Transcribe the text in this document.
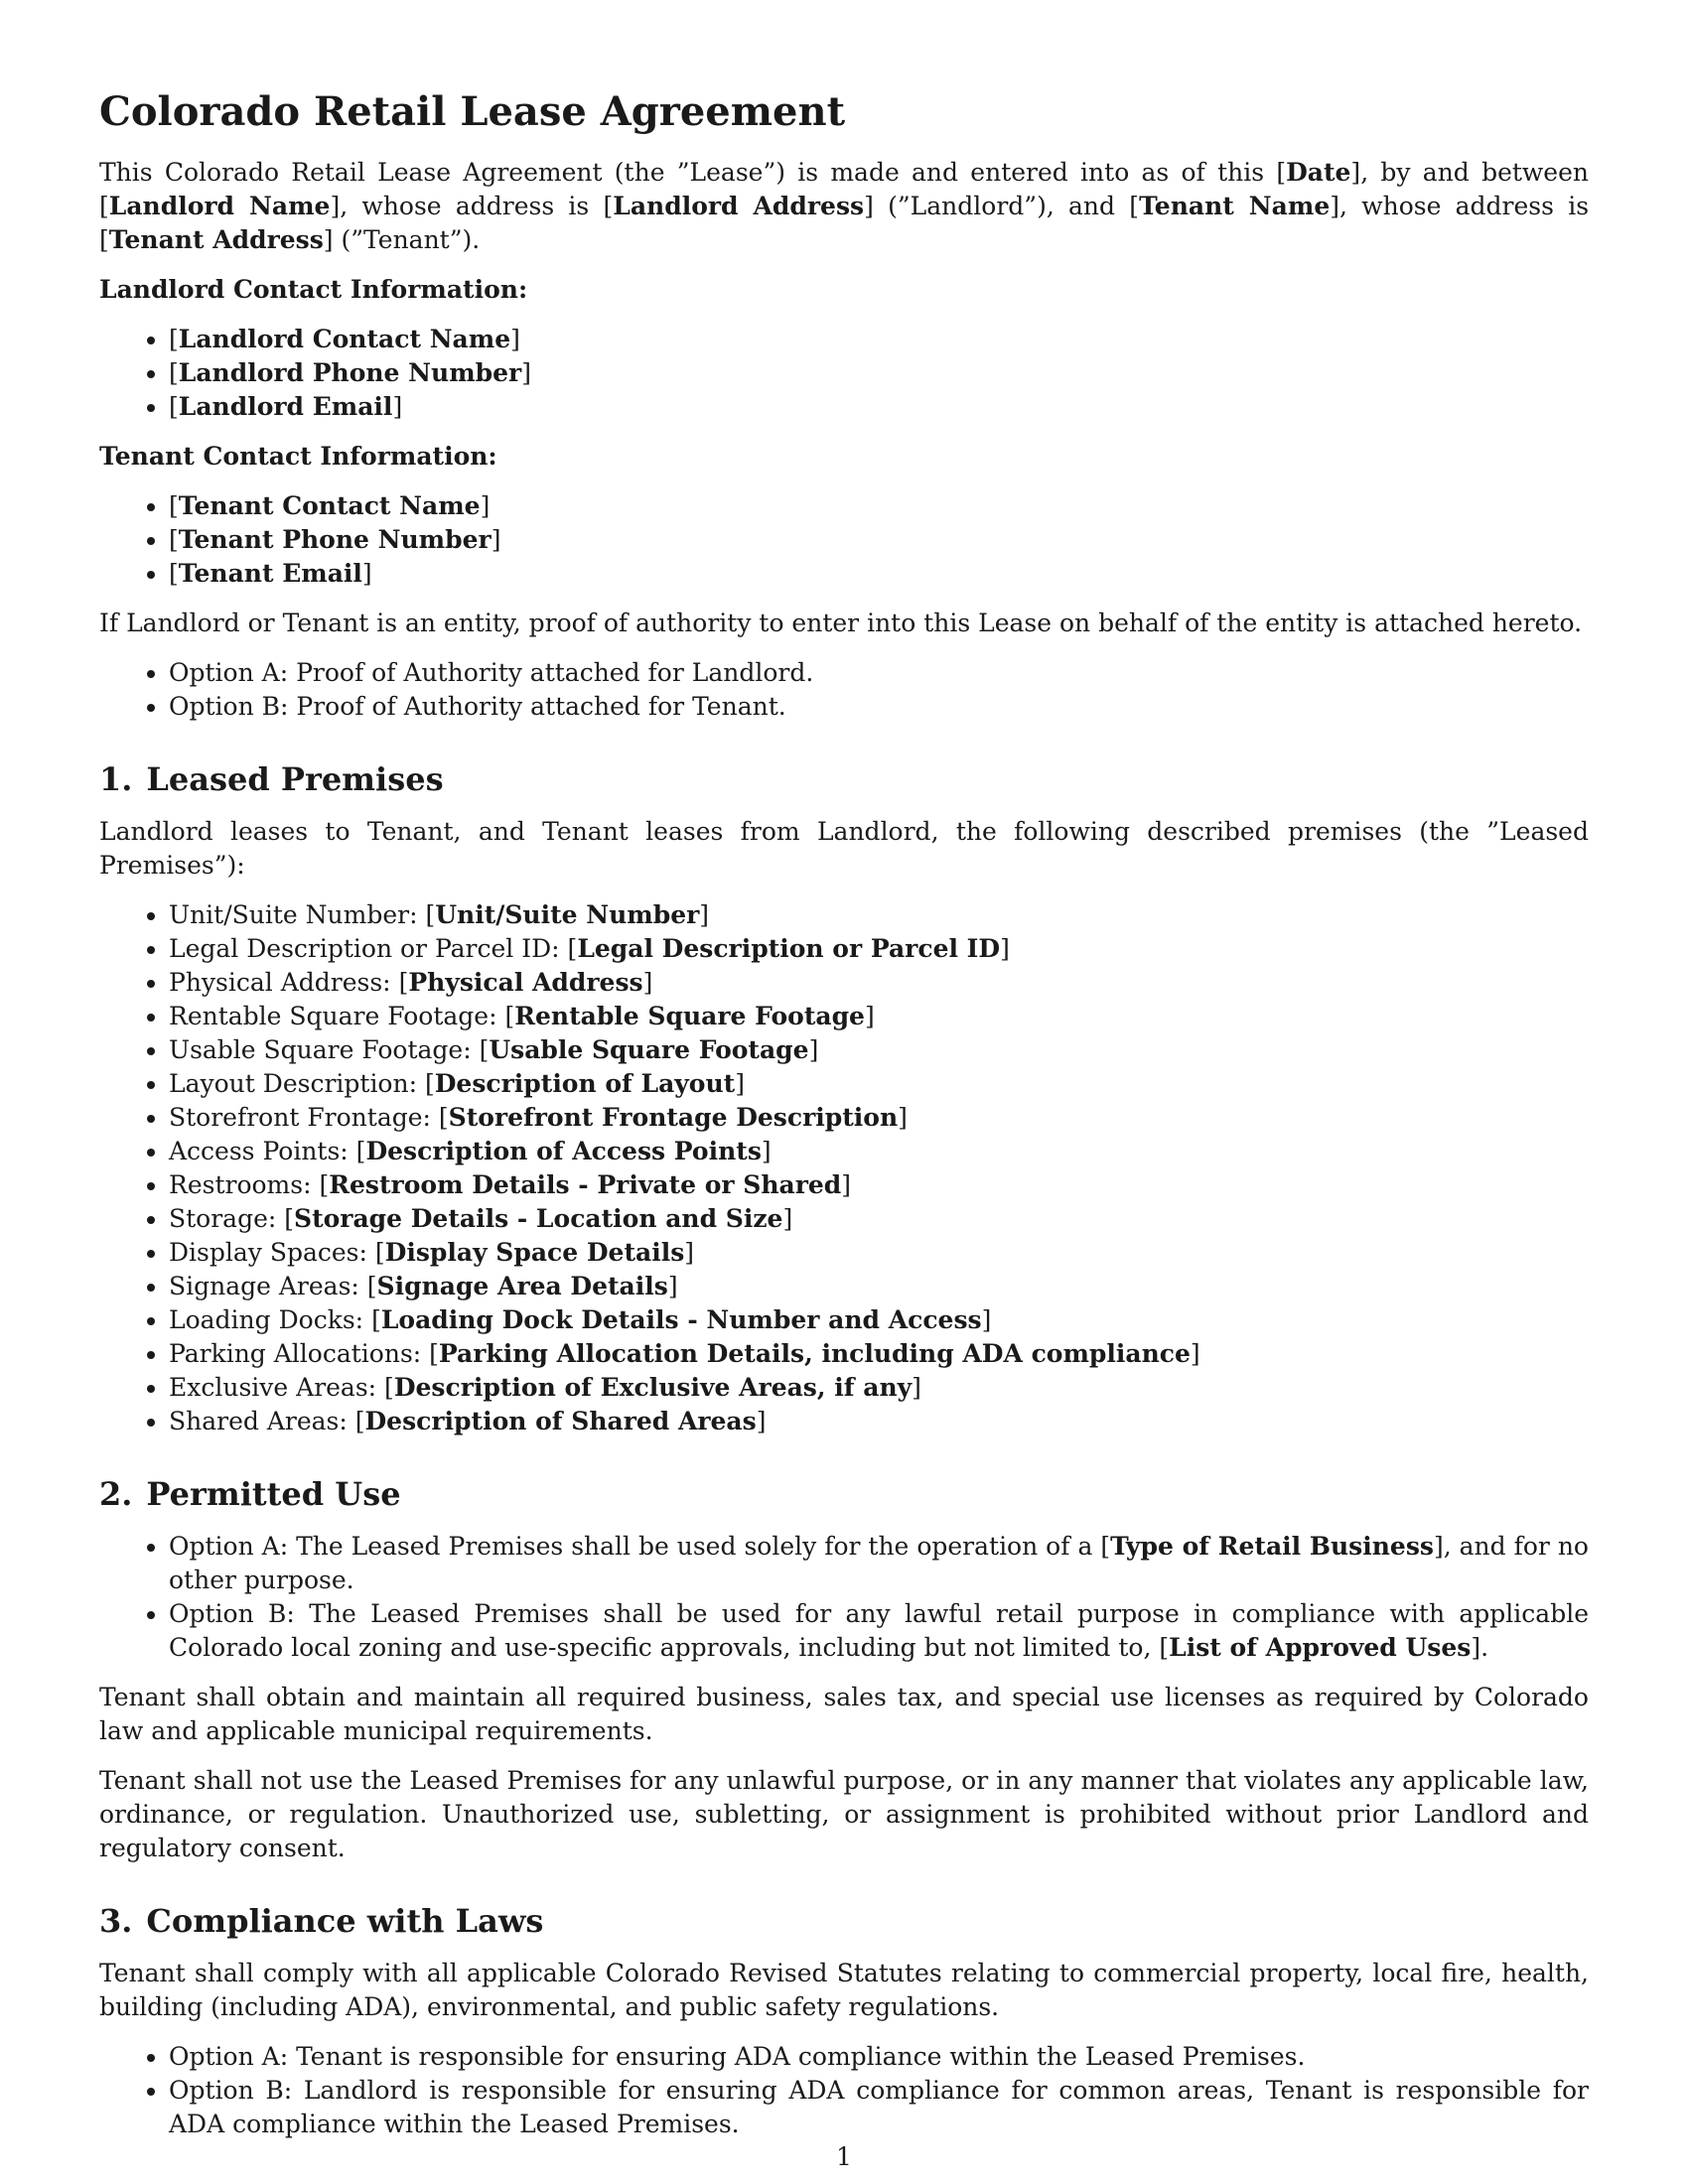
Colorado Retail Lease Agreement

This Colorado Retail Lease Agreement (the ”Lease”) is made and entered into as of this [Date], by and between [Landlord Name], whose address is [Landlord Address] (”Landlord”), and [Tenant Name], whose address is [Tenant Address] (”Tenant”).

Landlord Contact Information:
• [Landlord Contact Name]
• [Landlord Phone Number]
• [Landlord Email]
Tenant Contact Information:
• [Tenant Contact Name]
• [Tenant Phone Number]
• [Tenant Email]

If Landlord or Tenant is an entity, proof of authority to enter into this Lease on behalf of the entity is attached hereto.

• Option A: Proof of Authority attached for Landlord.
• Option B: Proof of Authority attached for Tenant.
1. Leased Premises

Landlord leases to Tenant, and Tenant leases from Landlord, the following described premises (the ”Leased Premises”):

• Unit/Suite Number: [Unit/Suite Number]
• Legal Description or Parcel ID: [Legal Description or Parcel ID]
• Physical Address: [Physical Address]
• Rentable Square Footage: [Rentable Square Footage]
• Usable Square Footage: [Usable Square Footage]
• Layout Description: [Description of Layout]
• Storefront Frontage: [Storefront Frontage Description]
• Access Points: [Description of Access Points]
• Restrooms: [Restroom Details - Private or Shared]
• Storage: [Storage Details - Location and Size]
• Display Spaces: [Display Space Details]
• Signage Areas: [Signage Area Details]
• Loading Docks: [Loading Dock Details - Number and Access]
• Parking Allocations: [Parking Allocation Details, including ADA compliance]
• Exclusive Areas: [Description of Exclusive Areas, if any]
• Shared Areas: [Description of Shared Areas]
2. Permitted Use
• Option A: The Leased Premises shall be used solely for the operation of a [Type of Retail Business], and for no other purpose.
• Option B: The Leased Premises shall be used for any lawful retail purpose in compliance with applicable Colorado local zoning and use-specific approvals, including but not limited to, [List of Approved Uses].

Tenant shall obtain and maintain all required business, sales tax, and special use licenses as required by Colorado law and applicable municipal requirements.

Tenant shall not use the Leased Premises for any unlawful purpose, or in any manner that violates any applicable law, ordinance, or regulation. Unauthorized use, subletting, or assignment is prohibited without prior Landlord and regulatory consent.

3. Compliance with Laws

Tenant shall comply with all applicable Colorado Revised Statutes relating to commercial property, local fire, health, building (including ADA), environmental, and public safety regulations.

• Option A: Tenant is responsible for ensuring ADA compliance within the Leased Premises.
• Option B: Landlord is responsible for ensuring ADA compliance for common areas, Tenant is responsible for ADA compliance within the Leased Premises.
1
